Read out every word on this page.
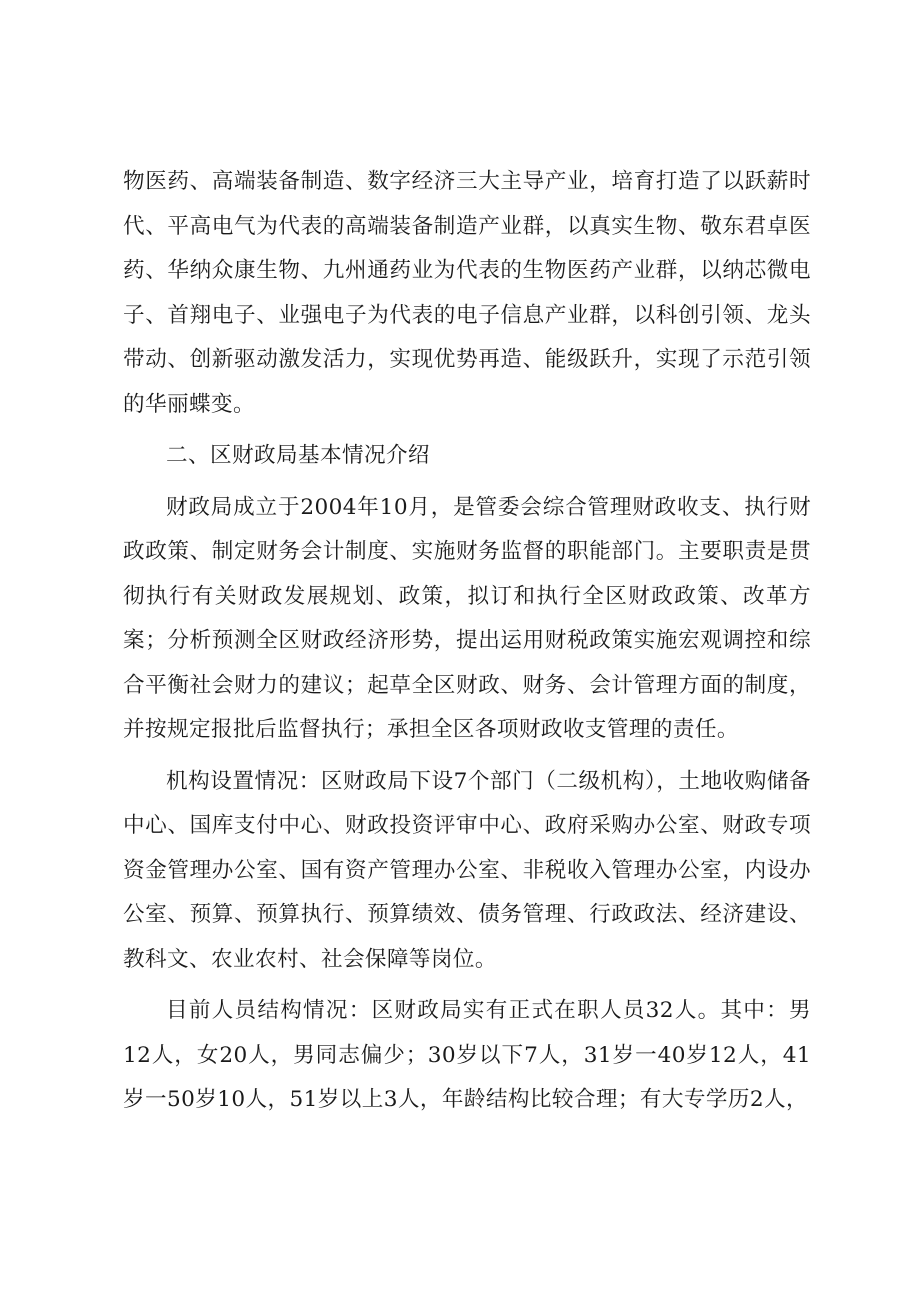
物医药、高端装备制造、数字经济三大主导产业，培育打造了以跃薪时代、平高电气为代表的高端装备制造产业群，以真实生物、敬东君卓医药、华纳众康生物、九州通药业为代表的生物医药产业群，以纳芯微电子、首翔电子、业强电子为代表的电子信息产业群，以科创引领、龙头带动、创新驱动激发活力，实现优势再造、能级跃升，实现了示范引领的华丽蝶变。

二、区财政局基本情况介绍

财政局成立于2004年10月，是管委会综合管理财政收支、执行财政政策、制定财务会计制度、实施财务监督的职能部门。主要职责是贯彻执行有关财政发展规划、政策，拟订和执行全区财政政策、改革方案；分析预测全区财政经济形势，提出运用财税政策实施宏观调控和综合平衡社会财力的建议；起草全区财政、财务、会计管理方面的制度，并按规定报批后监督执行；承担全区各项财政收支管理的责任。

机构设置情况：区财政局下设7个部门（二级机构），土地收购储备中心、国库支付中心、财政投资评审中心、政府采购办公室、财政专项资金管理办公室、国有资产管理办公室、非税收入管理办公室，内设办公室、预算、预算执行、预算绩效、债务管理、行政政法、经济建设、教科文、农业农村、社会保障等岗位。

目前人员结构情况：区财政局实有正式在职人员32人。其中：男12人，女20人，男同志偏少；30岁以下7人，31岁一40岁12人，41岁一50岁10人，51岁以上3人，年龄结构比较合理；有大专学历2人，
